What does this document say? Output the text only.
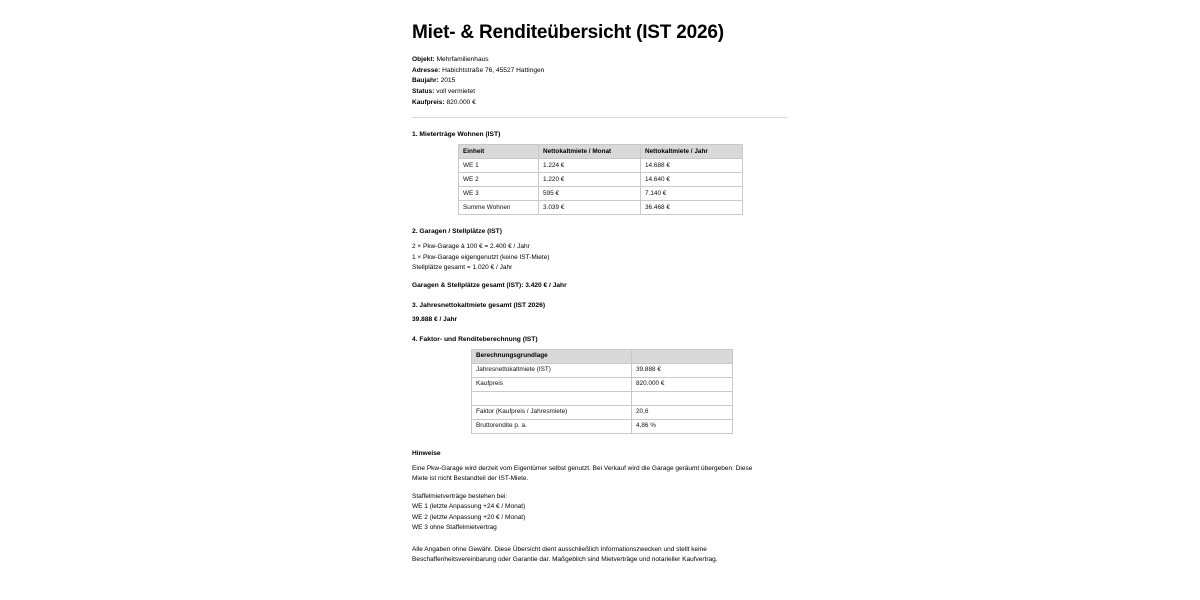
Miet- & Renditeübersicht (IST 2026)
Objekt: Mehrfamilienhaus
Adresse: Habichtstraße 76, 45527 Hattingen
Baujahr: 2015
Status: voll vermietet
Kaufpreis: 820.000 €
1. Mieterträge Wohnen (IST)
Einheit	Nettokaltmiete / Monat	Nettokaltmiete / Jahr
WE 1	1.224 €	14.688 €
WE 2	1.220 €	14.640 €
WE 3	595 €	7.140 €
Summe Wohnen	3.039 €	36.468 €
2. Garagen / Stellplätze (IST)
2 × Pkw-Garage à 100 € = 2.400 € / Jahr
1 × Pkw-Garage eigengenutzt (keine IST-Miete)
Stellplätze gesamt = 1.020 € / Jahr
Garagen & Stellplätze gesamt (IST): 3.420 € / Jahr
3. Jahresnettokaltmiete gesamt (IST 2026)
39.888 € / Jahr
4. Faktor- und Renditeberechnung (IST)
Berechnungsgrundlage	
Jahresnettokaltmiete (IST)	39.888 €
Kaufpreis	820.000 €

Faktor (Kaufpreis / Jahresmiete)	20,6
Bruttorendite p. a.	4,86 %
Hinweise
Eine Pkw-Garage wird derzeit vom Eigentümer selbst genutzt. Bei Verkauf wird die Garage geräumt übergeben. Diese
Miete ist nicht Bestandteil der IST-Miete.
Staffelmietverträge bestehen bei:
WE 1 (letzte Anpassung +24 € / Monat)
WE 2 (letzte Anpassung +20 € / Monat)
WE 3 ohne Staffelmietvertrag
Alle Angaben ohne Gewähr. Diese Übersicht dient ausschließlich Informationszwecken und stellt keine
Beschaffenheitsvereinbarung oder Garantie dar. Maßgeblich sind Mietverträge und notarieller Kaufvertrag.
